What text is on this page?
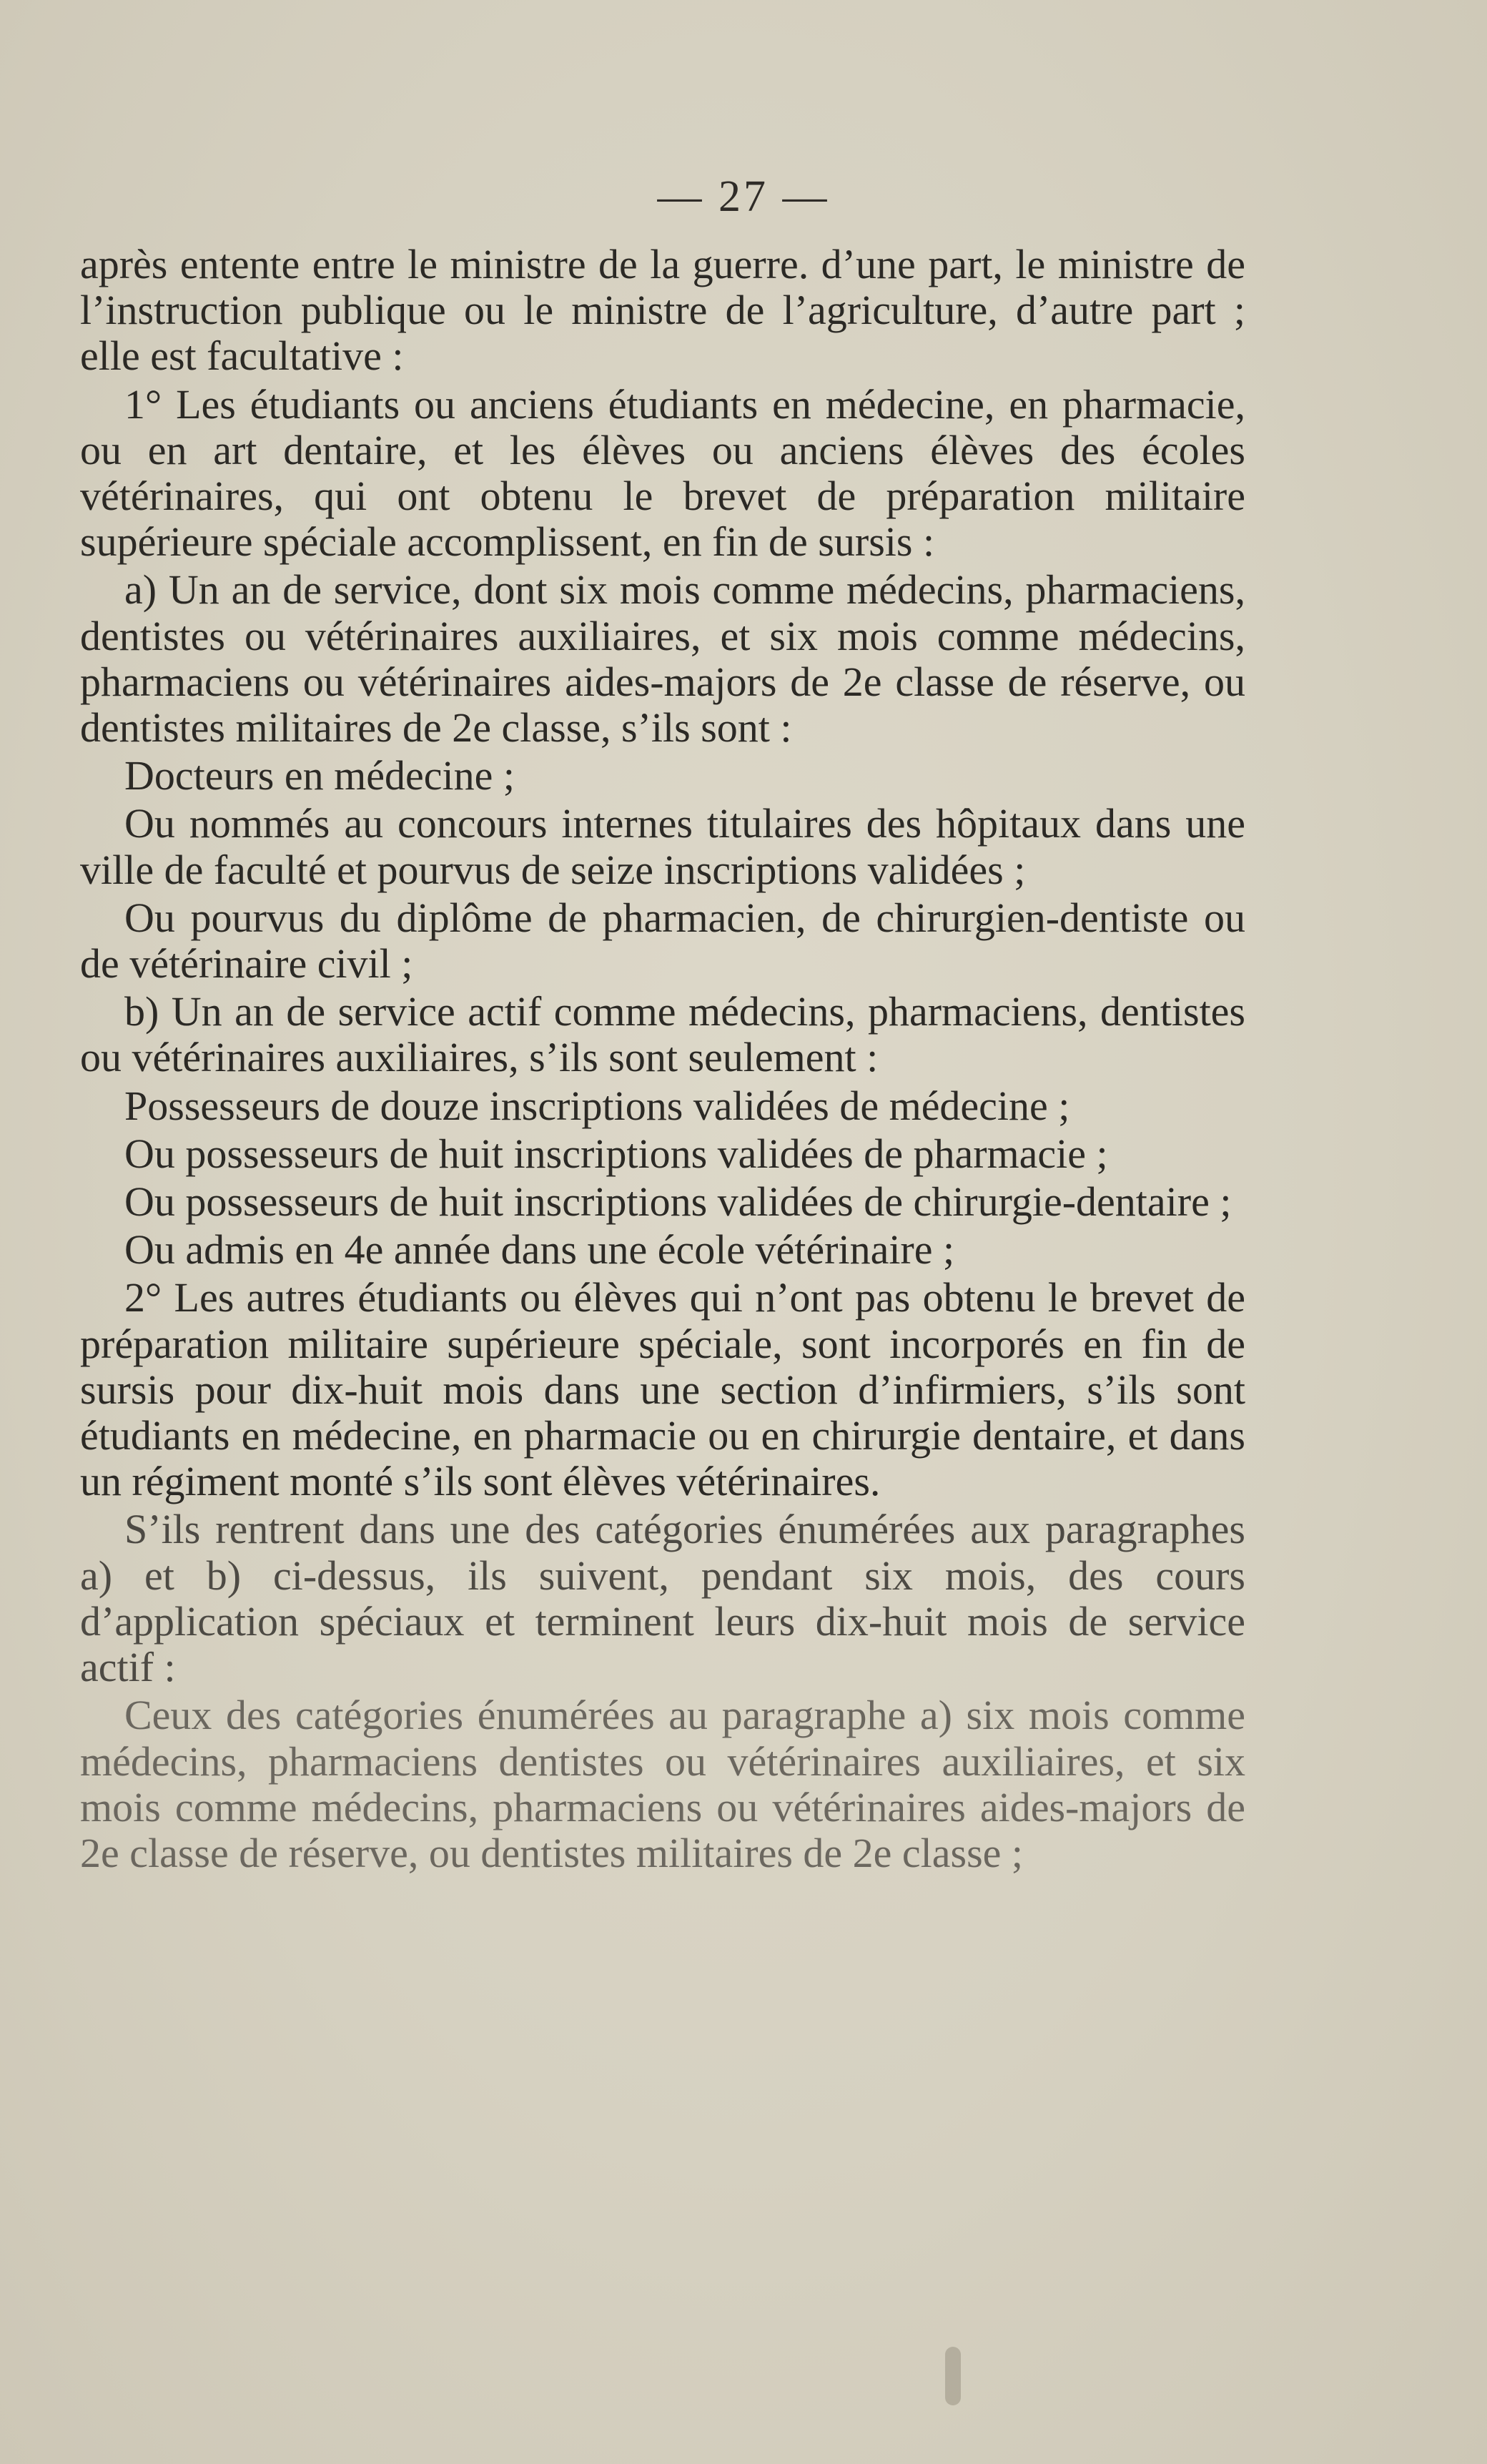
— 27 —

après entente entre le ministre de la guerre. d’une part, le ministre de l’instruction publique ou le ministre de l’agriculture, d’autre part ; elle est facultative :

1° Les étudiants ou anciens étudiants en médecine, en pharmacie, ou en art dentaire, et les élèves ou anciens élèves des écoles vétérinaires, qui ont obtenu le brevet de préparation militaire supérieure spéciale accomplissent, en fin de sursis :

a) Un an de service, dont six mois comme médecins, pharmaciens, dentistes ou vétérinaires auxiliaires, et six mois comme médecins, pharmaciens ou vétérinaires aides-majors de 2e classe de réserve, ou dentistes militaires de 2e classe, s’ils sont :

Docteurs en médecine ;

Ou nommés au concours internes titulaires des hôpitaux dans une ville de faculté et pourvus de seize inscriptions validées ;

Ou pourvus du diplôme de pharmacien, de chirurgien-dentiste ou de vétérinaire civil ;

b) Un an de service actif comme médecins, pharmaciens, dentistes ou vétérinaires auxiliaires, s’ils sont seulement :

Possesseurs de douze inscriptions validées de médecine ;

Ou possesseurs de huit inscriptions validées de pharmacie ;

Ou possesseurs de huit inscriptions validées de chirurgie-dentaire ;

Ou admis en 4e année dans une école vétérinaire ;

2° Les autres étudiants ou élèves qui n’ont pas obtenu le brevet de préparation militaire supérieure spéciale, sont incorporés en fin de sursis pour dix-huit mois dans une section d’infirmiers, s’ils sont étudiants en médecine, en pharmacie ou en chirurgie dentaire, et dans un régiment monté s’ils sont élèves vétérinaires.

S’ils rentrent dans une des catégories énumérées aux paragraphes a) et b) ci-dessus, ils suivent, pendant six mois, des cours d’application spéciaux et terminent leurs dix-huit mois de service actif :

Ceux des catégories énumérées au paragraphe a) six mois comme médecins, pharmaciens dentistes ou vétérinaires auxiliaires, et six mois comme médecins, pharmaciens ou vétérinaires aides-majors de 2e classe de réserve, ou dentistes militaires de 2e classe ;
